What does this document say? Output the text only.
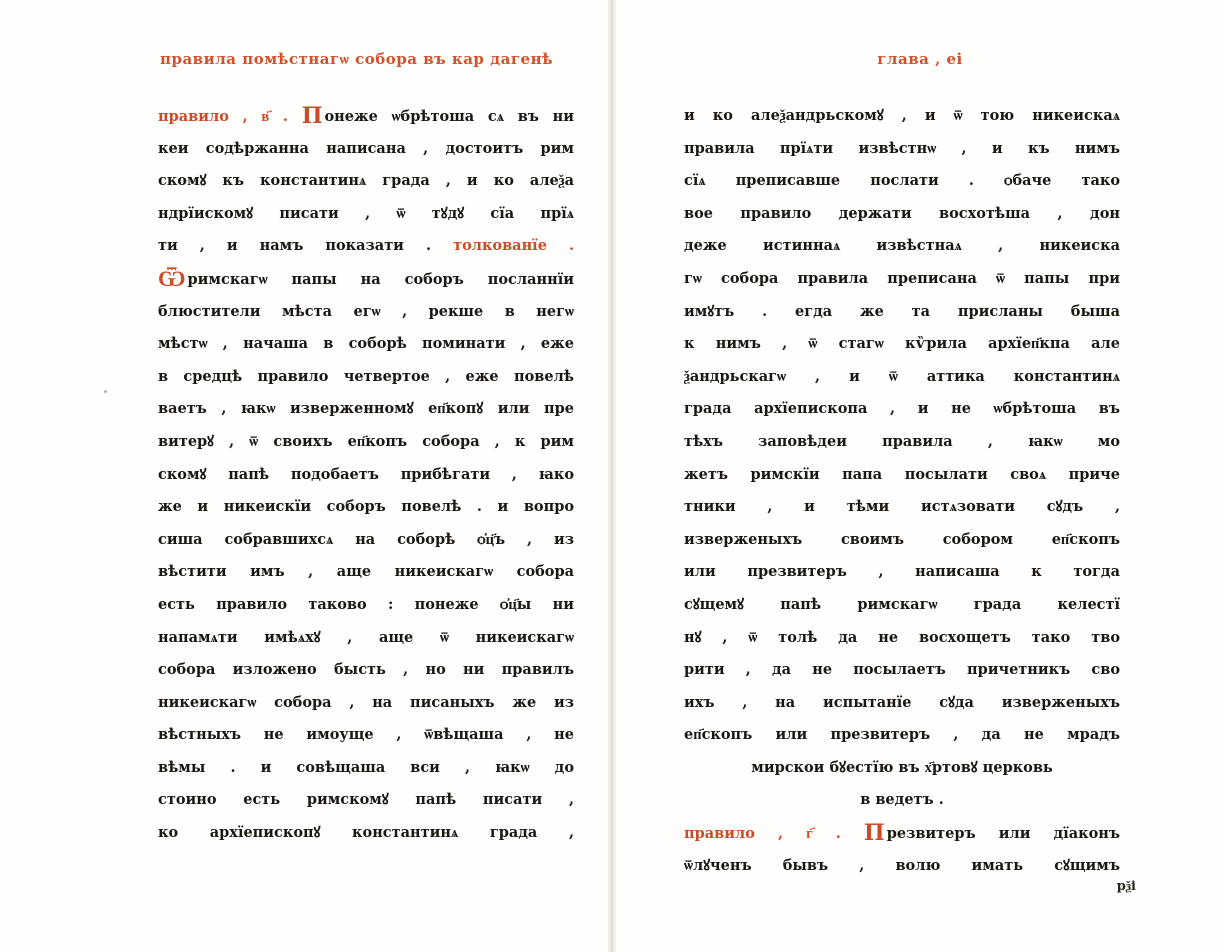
правила помѣстнагѡ собора въ кар дагенѣ
правило , в҃ . П онеже ѡбрѣтоша сѧ въ ни
кеи содѣржанна написана , достоитъ рим
скомꙋ къ константинѧ града , и ко алеѯа
ндрїискомꙋ писати , ѿ тꙋдꙋ сїа прїѧ
ти , и намъ показати . толкованїе .
Ѿримскагѡ папы на соборъ посланнїи
блюстители мѣста егѡ , рекше в негѡ
мѣстѡ , начаша в соборѣ поминати , еже
в средцѣ правило четвертое , еже повелѣ
ваетъ , ꙗкѡ изверженномꙋ еп҃копꙋ или пре
витерꙋ , ѿ своихъ еп҃копъ собора , к рим
скомꙋ папѣ подобаетъ прибѣгати , ꙗко
же и никеискїи соборъ повелѣ . и вопро
сиша собравшихсѧ на соборѣ ѻ҆ц҃ъ , из
вѣстити имъ , аще никеискагѡ собора
есть правило таково : понеже ѻ҆ц҃ы ни
напамѧти имѣѧхꙋ , аще ѿ никеискагѡ
собора изложено бысть , но ни правилъ
никеискагѡ собора , на писаныхъ же из
вѣстныхъ не имоуще , ѿвѣщаша , не
вѣмы . и совѣщаша вси , ꙗкѡ до
стоино есть римскомꙋ папѣ писати ,
ко архїепископꙋ константинѧ града ,
глава , еі
и ко алеѯандрьскомꙋ , и ѿ тою никеискаѧ
правила прїѧти извѣстнѡ , и къ нимъ
сїѧ преписавше послати . ѻбаче тако
вое правило держати восхотѣша , дон
деже истиннаѧ извѣстнаѧ , никеиска
гѡ собора правила преписана ѿ папы при
имꙋтъ . егда же та присланы быша
к нимъ , ѿ стагѡ кѷрила архїеп҃кпа але
ѯандрьскагѡ , и ѿ аттика константинѧ
града архїепископа , и не ѡбрѣтоша въ
тѣхъ заповѣдеи правила , ꙗкѡ мо
жетъ римскїи папа посылати своѧ приче
тники , и тѣми истѧзовати сꙋдъ ,
изверженыхъ своимъ собором еп҃скопъ
или презвитеръ , написаша к тогда
сꙋщемꙋ папѣ римскагѡ града келестї
нꙋ , ѿ толѣ да не восхощетъ тако тво
рити , да не посылаетъ причетникъ сво
ихъ , на испытанїе сꙋда изверженыхъ
еп҃скопъ или презвитеръ , да не мрадъ
мирскои бꙋестїю въ х҃ртовꙋ церковь
в ведетъ .
правило , г҃ . П резвитеръ или дїаконъ
ѿлꙋченъ бывъ , волю имать сꙋщимъ
рѯі
